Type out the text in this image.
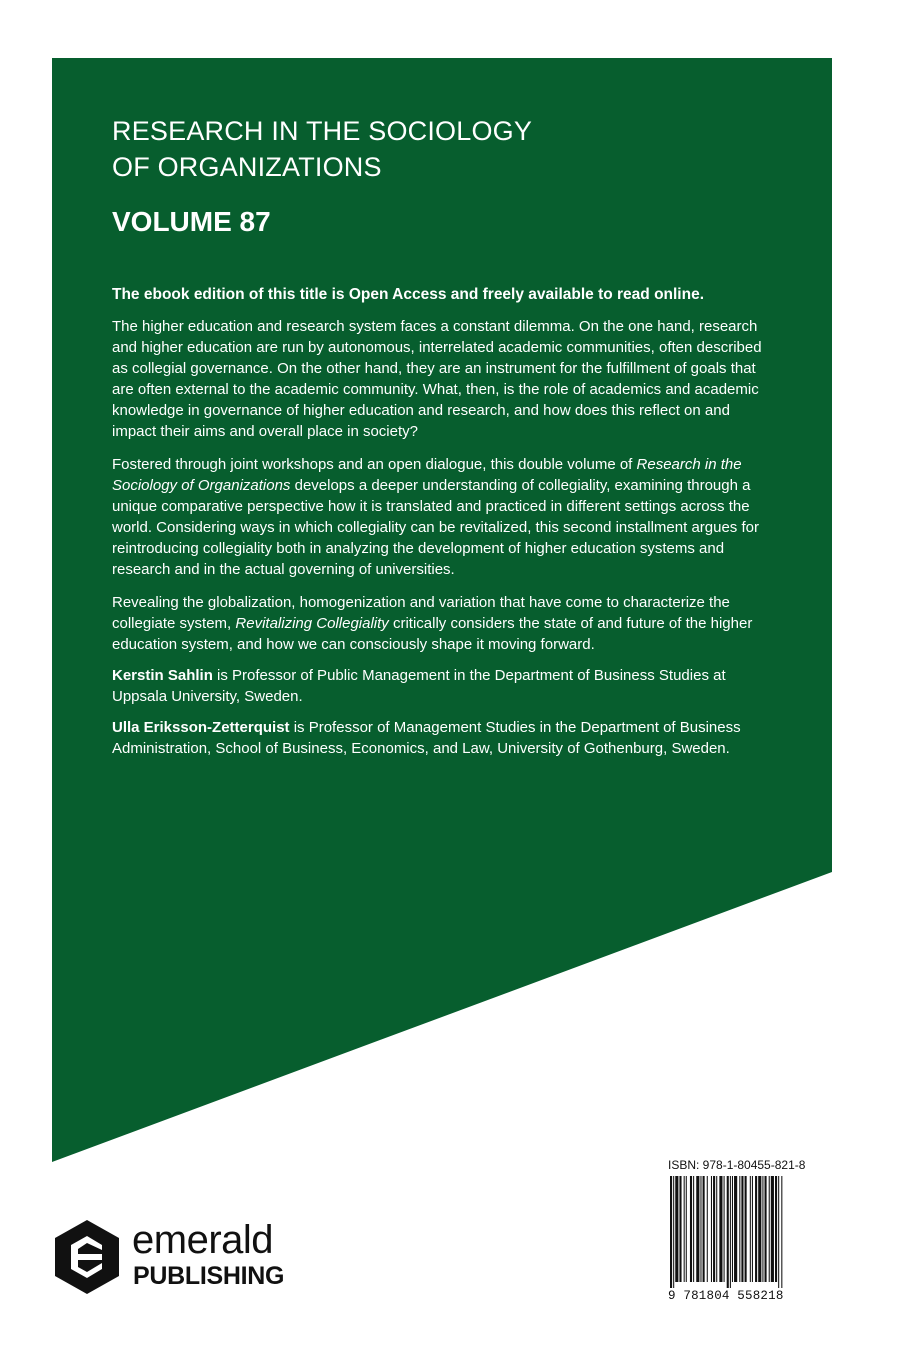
RESEARCH IN THE SOCIOLOGY
OF ORGANIZATIONS
VOLUME 87

The ebook edition of this title is Open Access and freely available to read online.

The higher education and research system faces a constant dilemma. On the one hand, research and higher education are run by autonomous, interrelated academic communities, often described as collegial governance. On the other hand, they are an instrument for the fulfillment of goals that are often external to the academic community. What, then, is the role of academics and academic knowledge in governance of higher education and research, and how does this reflect on and impact their aims and overall place in society?

Fostered through joint workshops and an open dialogue, this double volume of Research in the Sociology of Organizations develops a deeper understanding of collegiality, examining through a unique comparative perspective how it is translated and practiced in different settings across the world. Considering ways in which collegiality can be revitalized, this second installment argues for reintroducing collegiality both in analyzing the development of higher education systems and research and in the actual governing of universities.

Revealing the globalization, homogenization and variation that have come to characterize the collegiate system, Revitalizing Collegiality critically considers the state of and future of the higher education system, and how we can consciously shape it moving forward.

Kerstin Sahlin is Professor of Public Management in the Department of Business Studies at Uppsala University, Sweden.

Ulla Eriksson-Zetterquist is Professor of Management Studies in the Department of Business Administration, School of Business, Economics, and Law, University of Gothenburg, Sweden.

ISBN: 978-1-80455-821-8

9 781804 558218
emerald
PUBLISHING
